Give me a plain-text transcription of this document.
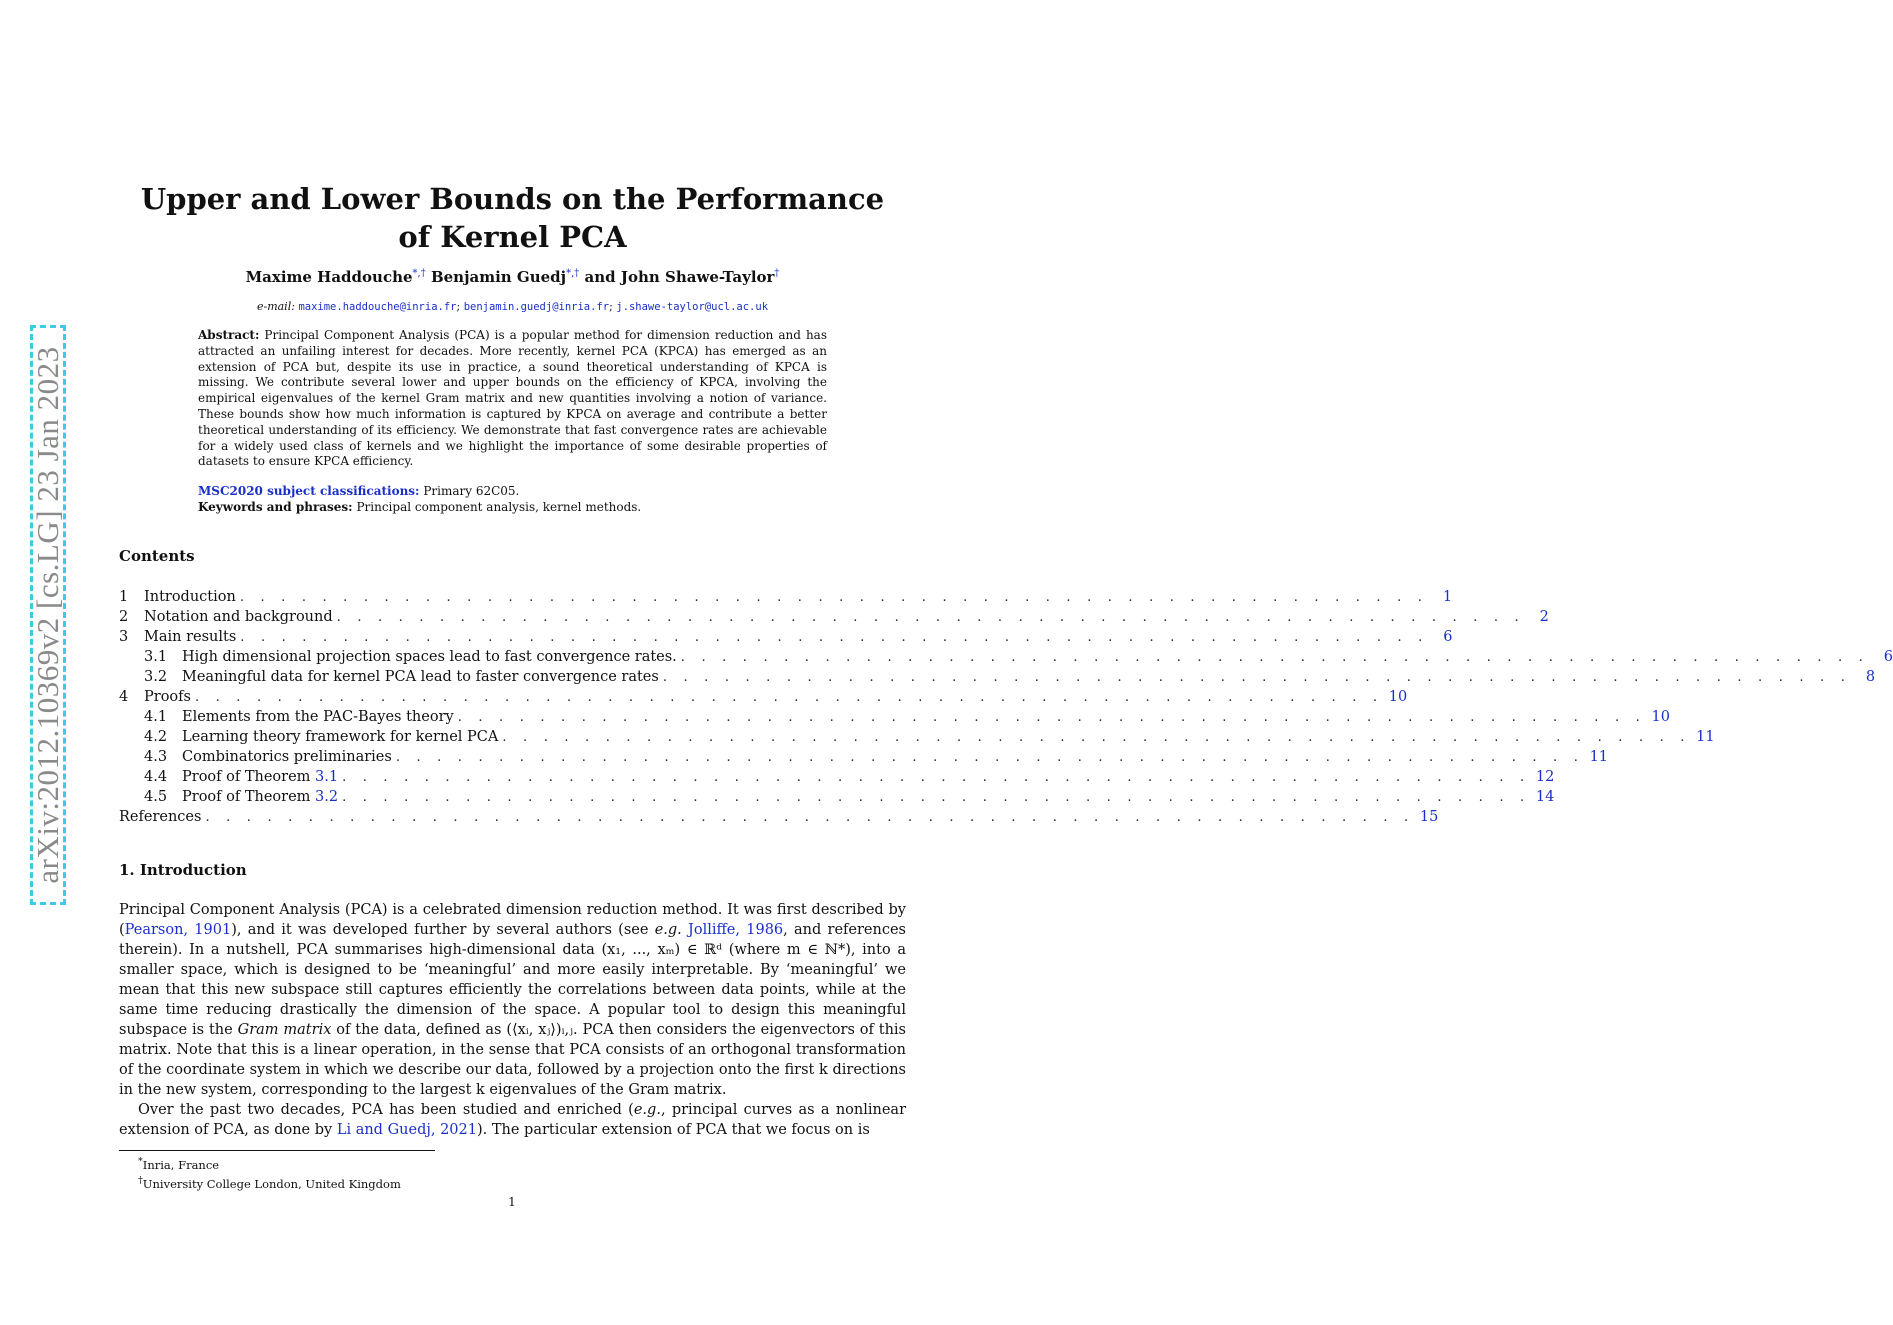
arXiv:2012.10369v2 [cs.LG] 23 Jan 2023
Upper and Lower Bounds on the Performance of Kernel PCA
Maxime Haddouche*,† Benjamin Guedj*,† and John Shawe-Taylor†
e-mail: maxime.haddouche@inria.fr; benjamin.guedj@inria.fr; j.shawe-taylor@ucl.ac.uk
Abstract: Principal Component Analysis (PCA) is a popular method for dimension reduction and has attracted an unfailing interest for decades. More recently, kernel PCA (KPCA) has emerged as an extension of PCA but, despite its use in practice, a sound theoretical understanding of KPCA is missing. We contribute several lower and upper bounds on the efficiency of KPCA, involving the empirical eigenvalues of the kernel Gram matrix and new quantities involving a notion of variance. These bounds show how much information is captured by KPCA on average and contribute a better theoretical understanding of its efficiency. We demonstrate that fast convergence rates are achievable for a widely used class of kernels and we highlight the importance of some desirable properties of datasets to ensure KPCA efficiency.
MSC2020 subject classifications: Primary 62C05.
Keywords and phrases: Principal component analysis, kernel methods.
Contents
1	Introduction . . . . . . . . . . . . . . . . . . . . . . . . . . . . . . . . . . . . . . . . . . . . . . . . . . . . . . . . . .	1
2	Notation and background . . . . . . . . . . . . . . . . . . . . . . . . . . . . . . . . . . . . . . . . . . . . . . . . . . . . . . . . . .	2
3	Main results . . . . . . . . . . . . . . . . . . . . . . . . . . . . . . . . . . . . . . . . . . . . . . . . . . . . . . . . . .	6
3.1	High dimensional projection spaces lead to fast convergence rates. . . . . . . . . . . . . . . . . . . . . . . . . . . . . . . . . . . . . . . . . . . . . . . . . . . . . . . . . . .	6
3.2	Meaningful data for kernel PCA lead to faster convergence rates . . . . . . . . . . . . . . . . . . . . . . . . . . . . . . . . . . . . . . . . . . . . . . . . . . . . . . . . . .	8
4	Proofs . . . . . . . . . . . . . . . . . . . . . . . . . . . . . . . . . . . . . . . . . . . . . . . . . . . . . . . . . . 10
4.1	Elements from the PAC-Bayes theory . . . . . . . . . . . . . . . . . . . . . . . . . . . . . . . . . . . . . . . . . . . . . . . . . . . . . . . . . . 10
4.2	Learning theory framework for kernel PCA . . . . . . . . . . . . . . . . . . . . . . . . . . . . . . . . . . . . . . . . . . . . . . . . . . . . . . . . . . 11
4.3	Combinatorics preliminaries . . . . . . . . . . . . . . . . . . . . . . . . . . . . . . . . . . . . . . . . . . . . . . . . . . . . . . . . . . 11
4.4	Proof of Theorem 3.1 . . . . . . . . . . . . . . . . . . . . . . . . . . . . . . . . . . . . . . . . . . . . . . . . . . . . . . . . . . 12
4.5	Proof of Theorem 3.2 . . . . . . . . . . . . . . . . . . . . . . . . . . . . . . . . . . . . . . . . . . . . . . . . . . . . . . . . . . 14
References . . . . . . . . . . . . . . . . . . . . . . . . . . . . . . . . . . . . . . . . . . . . . . . . . . . . . . . . . . . 15
1. Introduction
Principal Component Analysis (PCA) is a celebrated dimension reduction method. It was first described by (Pearson, 1901), and it was developed further by several authors (see e.g. Jolliffe, 1986, and references therein). In a nutshell, PCA summarises high-dimensional data (x₁, ..., xₘ) ∈ ℝᵈ (where m ∈ ℕ*), into a smaller space, which is designed to be ‘meaningful’ and more easily interpretable. By ‘meaningful’ we mean that this new subspace still captures efficiently the correlations between data points, while at the same time reducing drastically the dimension of the space. A popular tool to design this meaningful subspace is the Gram matrix of the data, defined as (⟨xᵢ, xⱼ⟩)ᵢ,ⱼ. PCA then considers the eigenvectors of this matrix. Note that this is a linear operation, in the sense that PCA consists of an orthogonal transformation of the coordinate system in which we describe our data, followed by a projection onto the first k directions in the new system, corresponding to the largest k eigenvalues of the Gram matrix.
Over the past two decades, PCA has been studied and enriched (e.g., principal curves as a nonlinear extension of PCA, as done by Li and Guedj, 2021). The particular extension of PCA that we focus on is
*Inria, France
†University College London, United Kingdom
1
